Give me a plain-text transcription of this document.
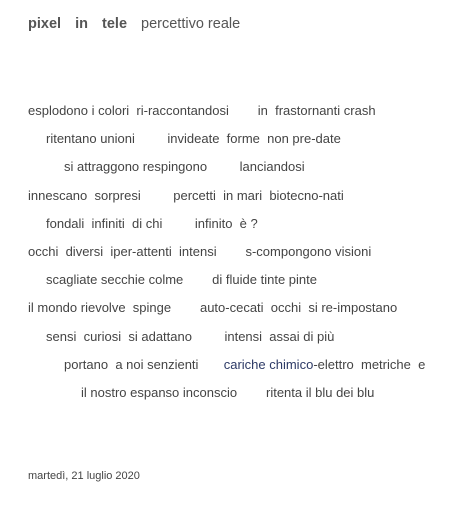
pixel  in  tele percettivo reale
esplodono i colori  ri-raccontandosi        in  frastornanti crash
ritentano unioni         invideate  forme  non pre-date
si attraggono respingono         lanciandosi
innescano  sorpresi         percetti  in mari  biotecno-nati
fondali  infiniti  di chi         infinito  è ?
occhi  diversi  iper-attenti  intensi        s-compongono visioni
scagliate secchie colme        di fluide tinte pinte
il mondo rievolve  spinge        auto-cecati  occhi  si re-impostano
sensi  curiosi  si adattano         intensi  assai di più
portano  a noi senzienti       cariche chimico-elettro  metriche  e
il nostro espanso inconscio        ritenta il blu dei blu
martedì, 21 luglio 2020
